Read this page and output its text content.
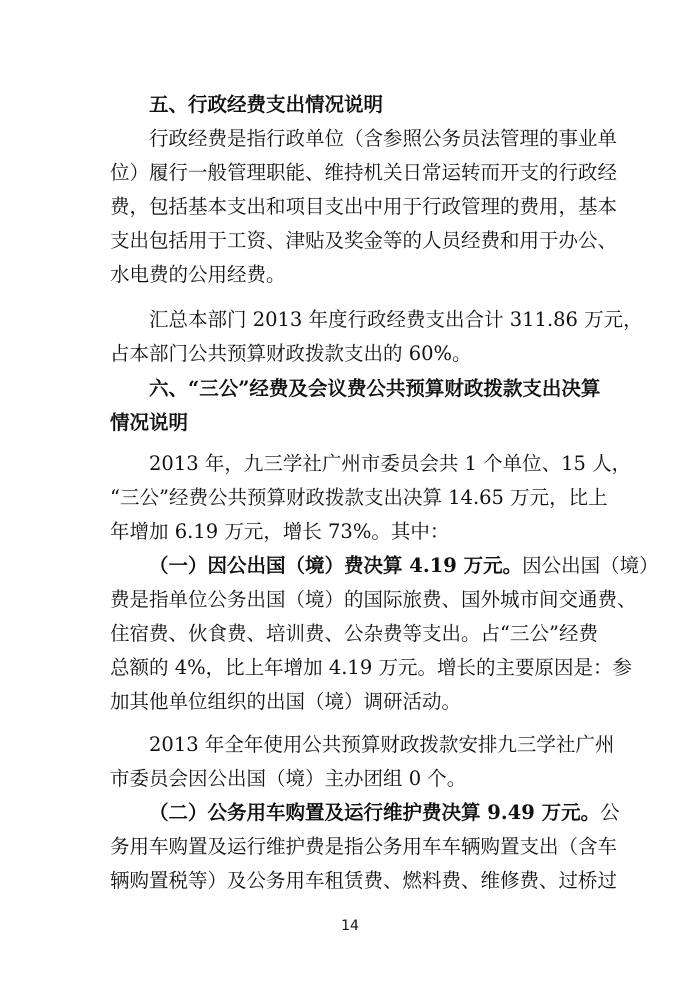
五、行政经费支出情况说明
行政经费是指行政单位（含参照公务员法管理的事业单
位）履行一般管理职能、维持机关日常运转而开支的行政经
费，包括基本支出和项目支出中用于行政管理的费用，基本
支出包括用于工资、津贴及奖金等的人员经费和用于办公、
水电费的公用经费。
汇总本部门 2013 年度行政经费支出合计 311.86 万元，
占本部门公共预算财政拨款支出的 60%。
六、“三公”经费及会议费公共预算财政拨款支出决算
情况说明
2013 年，九三学社广州市委员会共 1 个单位、15 人，
“三公”经费公共预算财政拨款支出决算 14.65 万元，比上
年增加 6.19 万元，增长 73%。其中：
（一）因公出国（境）费决算 4.19 万元。因公出国（境）
费是指单位公务出国（境）的国际旅费、国外城市间交通费、
住宿费、伙食费、培训费、公杂费等支出。占“三公”经费
总额的 4%，比上年增加 4.19 万元。增长的主要原因是：参
加其他单位组织的出国（境）调研活动。
2013 年全年使用公共预算财政拨款安排九三学社广州
市委员会因公出国（境）主办团组 0 个。
（二）公务用车购置及运行维护费决算 9.49 万元。公
务用车购置及运行维护费是指公务用车车辆购置支出（含车
辆购置税等）及公务用车租赁费、燃料费、维修费、过桥过
14
